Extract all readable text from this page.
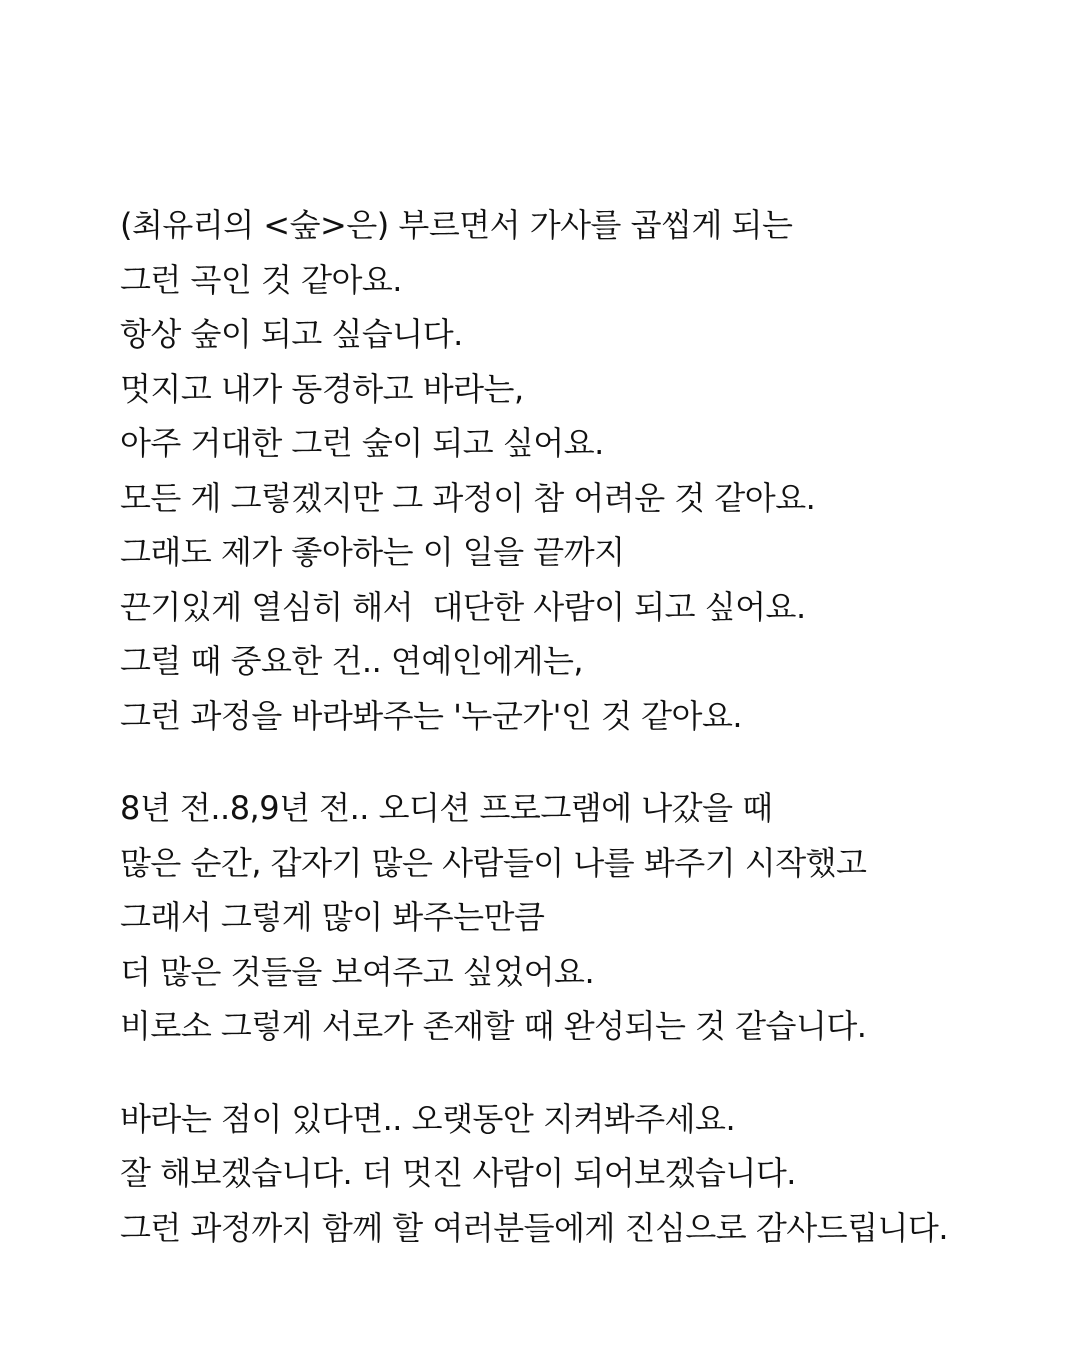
(최유리의 <숲>은) 부르면서 가사를 곱씹게 되는
그런 곡인 것 같아요.
항상 숲이 되고 싶습니다.
멋지고 내가 동경하고 바라는,
아주 거대한 그런 숲이 되고 싶어요.
모든 게 그렇겠지만 그 과정이 참 어려운 것 같아요.
그래도 제가 좋아하는 이 일을 끝까지
끈기있게 열심히 해서  대단한 사람이 되고 싶어요.
그럴 때 중요한 건.. 연예인에게는,
그런 과정을 바라봐주는 '누군가'인 것 같아요.
8년 전..8,9년 전.. 오디션 프로그램에 나갔을 때
많은 순간, 갑자기 많은 사람들이 나를 봐주기 시작했고
그래서 그렇게 많이 봐주는만큼
더 많은 것들을 보여주고 싶었어요.
비로소 그렇게 서로가 존재할 때 완성되는 것 같습니다.
바라는 점이 있다면.. 오랫동안 지켜봐주세요.
잘 해보겠습니다. 더 멋진 사람이 되어보겠습니다.
그런 과정까지 함께 할 여러분들에게 진심으로 감사드립니다.
